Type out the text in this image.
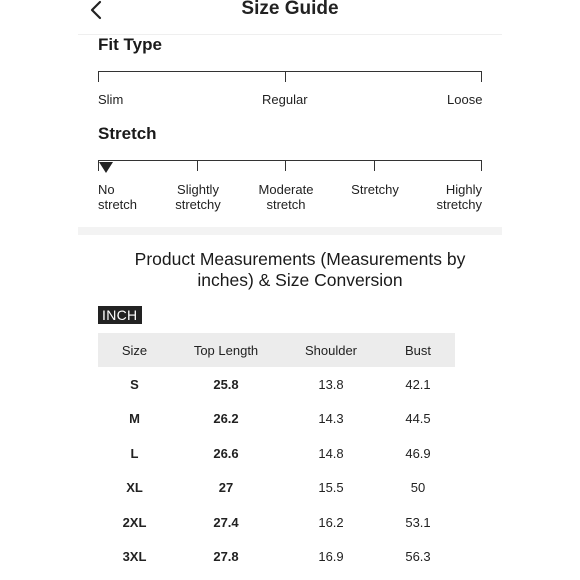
Size Guide
Fit Type
Slim	Regular	Loose
Stretch
No
stretch
Slightly
stretchy
Moderate
stretch
Stretchy	Highly
stretchy
Product Measurements (Measurements by inches) & Size Conversion
INCH
Size	Top Length	Shoulder	Bust
S	25.8	13.8	42.1
M	26.2	14.3	44.5
L	26.6	14.8	46.9
XL	27	15.5	50
2XL	27.4	16.2	53.1
3XL	27.8	16.9	56.3
